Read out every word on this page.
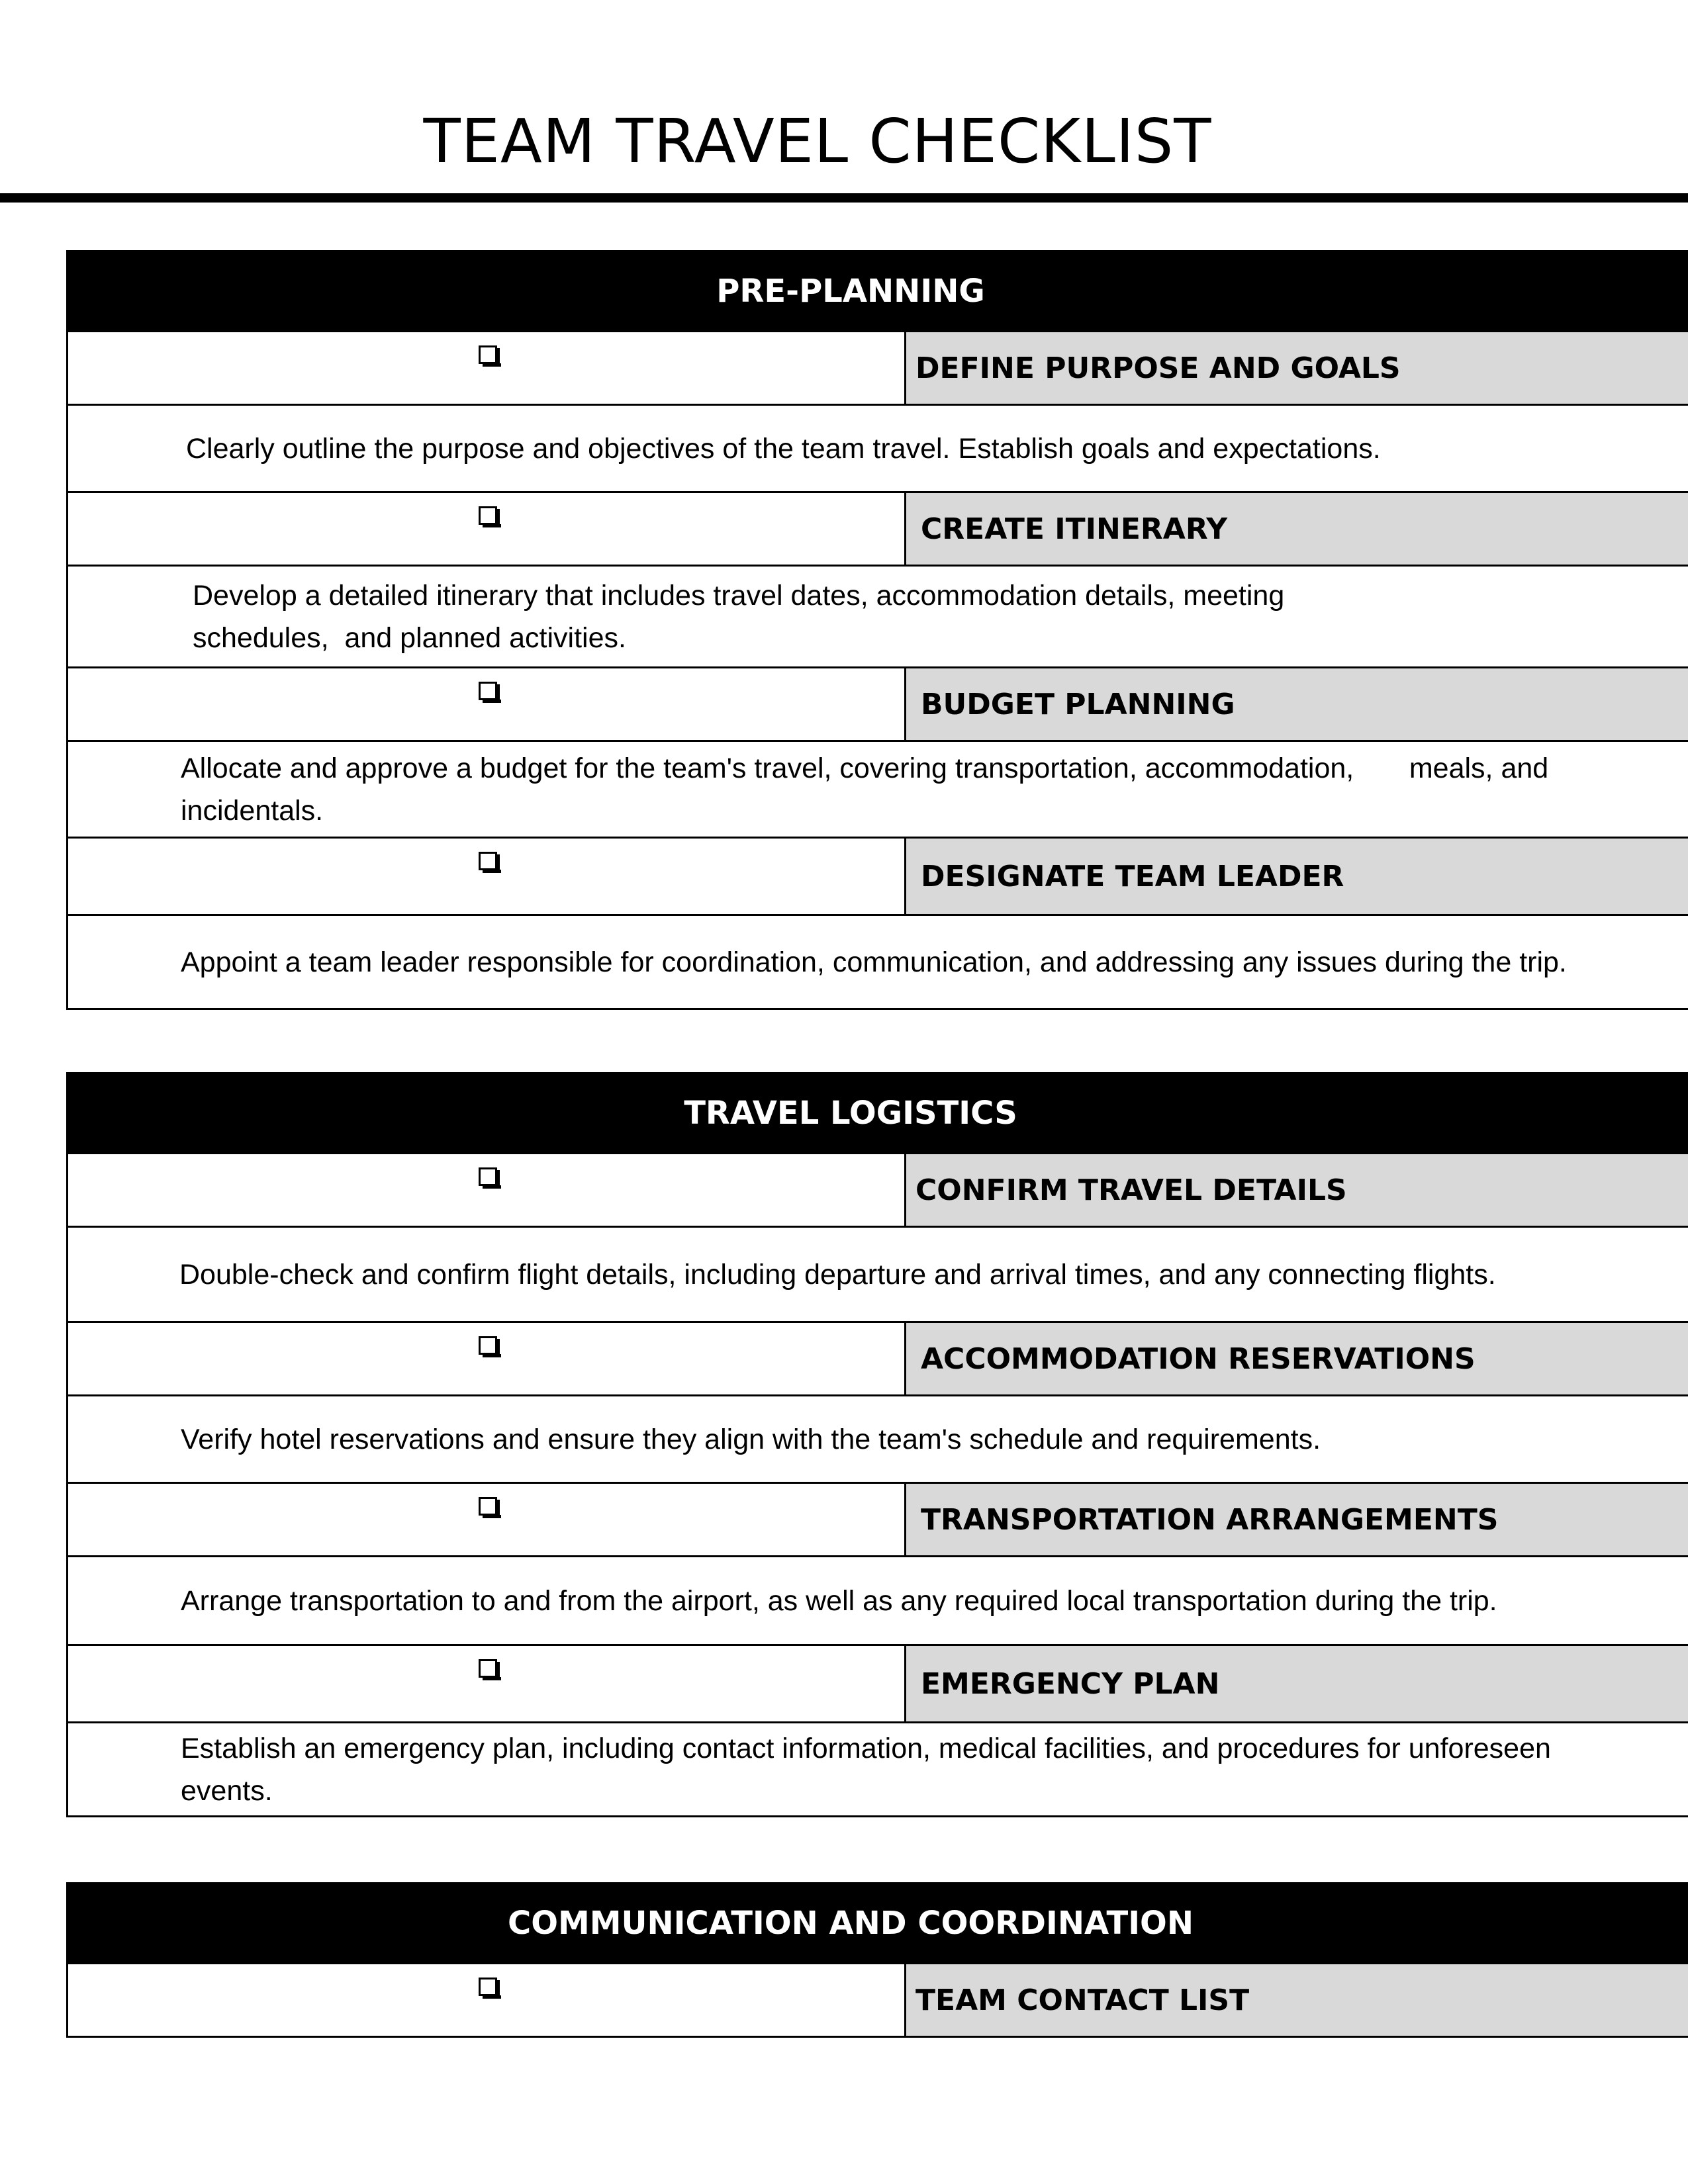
TEAM TRAVEL CHECKLIST
PRE-PLANNING
DEFINE PURPOSE AND GOALS
Clearly outline the purpose and objectives of the team travel. Establish goals and expectations.
CREATE ITINERARY
Develop a detailed itinerary that includes travel dates, accommodation details, meeting
schedules,  and planned activities.
BUDGET PLANNING
Allocate and approve a budget for the team's travel, covering transportation, accommodation,       meals, and
incidentals.
DESIGNATE TEAM LEADER
Appoint a team leader responsible for coordination, communication, and addressing any issues during the trip.
TRAVEL LOGISTICS
CONFIRM TRAVEL DETAILS
Double-check and confirm flight details, including departure and arrival times, and any connecting flights.
ACCOMMODATION RESERVATIONS
Verify hotel reservations and ensure they align with the team's schedule and requirements.
TRANSPORTATION ARRANGEMENTS
Arrange transportation to and from the airport, as well as any required local transportation during the trip.
EMERGENCY PLAN
Establish an emergency plan, including contact information, medical facilities, and procedures for unforeseen
events.
COMMUNICATION AND COORDINATION
TEAM CONTACT LIST
